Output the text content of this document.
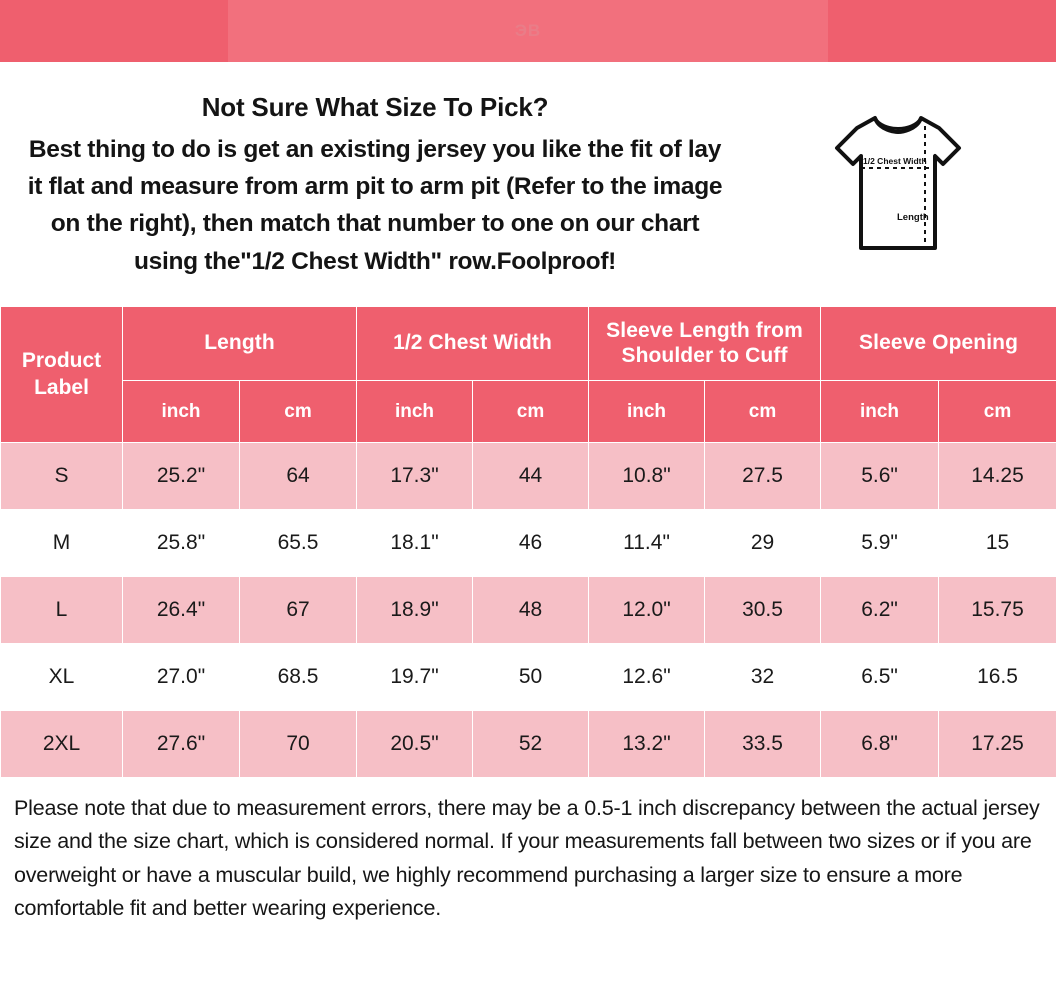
ЭВ
Not Sure What Size To Pick?
Best thing to do is get an existing jersey you like the fit of lay it flat and measure from arm pit to arm pit (Refer to the image on the right), then match that number to one on our chart using the"1/2 Chest Width" row.Foolproof!
1/2 Chest Width
Length
Product Label	Length		1/2 Chest Width		Sleeve Length from Shoulder to Cuff		Sleeve Opening	
	inch	cm	inch	cm	inch	cm	inch	cm
S	25.2"	64	17.3"	44	10.8"	27.5	5.6"	14.25
M	25.8"	65.5	18.1"	46	11.4"	29	5.9"	15
L	26.4"	67	18.9"	48	12.0"	30.5	6.2"	15.75
XL	27.0"	68.5	19.7"	50	12.6"	32	6.5"	16.5
2XL	27.6"	70	20.5"	52	13.2"	33.5	6.8"	17.25
Please note that due to measurement errors, there may be a 0.5-1 inch discrepancy between the actual jersey size and the size chart, which is considered normal. If your measurements fall between two sizes or if you are overweight or have a muscular build, we highly recommend purchasing a larger size to ensure a more comfortable fit and better wearing experience.
